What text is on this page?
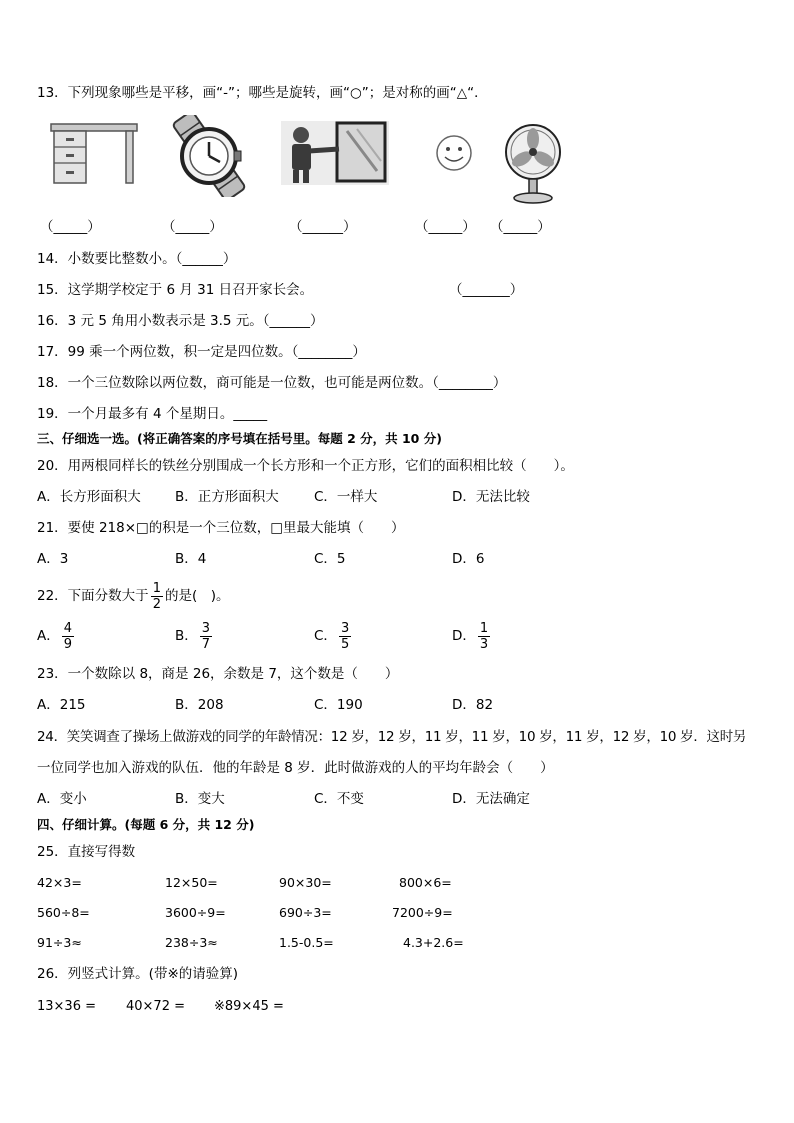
13．下列现象哪些是平移，画“-”；哪些是旋转，画“○”；是对称的画“△“．
（_____）	（_____）	（______）	（_____） （_____）
14．小数要比整数小。（______）
15．这学期学校定于 6 月 31 日召开家长会。	（_______）
16．3 元 5 角用小数表示是 3.5 元。（______）
17．99 乘一个两位数，积一定是四位数。（________）
18．一个三位数除以两位数，商可能是一位数，也可能是两位数。（________）
19．一个月最多有 4 个星期日。_____
三、仔细选一选。(将正确答案的序号填在括号里。每题 2 分，共 10 分)
20．用两根同样长的铁丝分别围成一个长方形和一个正方形，它们的面积相比较（　　）。
A．长方形面积大	B．正方形面积大	C．一样大	D．无法比较
21．要使 218×□的积是一个三位数，□里最大能填（　　）
A．3	B．4	C．5	D．6
22．下面分数大于 $\frac{1}{2}$ 的是(　)。
A． $\frac{4}{9}$	B． $\frac{3}{7}$	C． $\frac{3}{5}$	D． $\frac{1}{3}$
23．一个数除以 8，商是 26，余数是 7，这个数是（　　）
A．215	B．208	C．190	D．82
24．笑笑调查了操场上做游戏的同学的年龄情况：12 岁，12 岁，11 岁，11 岁，10 岁，11 岁，12 岁，10 岁．这时另
一位同学也加入游戏的队伍．他的年龄是 8 岁．此时做游戏的人的平均年龄会（　　）
A．变小	B．变大	C．不变	D．无法确定
四、仔细计算。(每题 6 分，共 12 分)
25．直接写得数
42×3=	12×50=	90×30=	800×6=
560÷8=	3600÷9=	690÷3=	7200÷9=
91÷3≈	238÷3≈	1.5-0.5=	4.3+2.6=
26．列竖式计算。(带※的请验算)
13×36 = 40×72 = ※89×45 =
